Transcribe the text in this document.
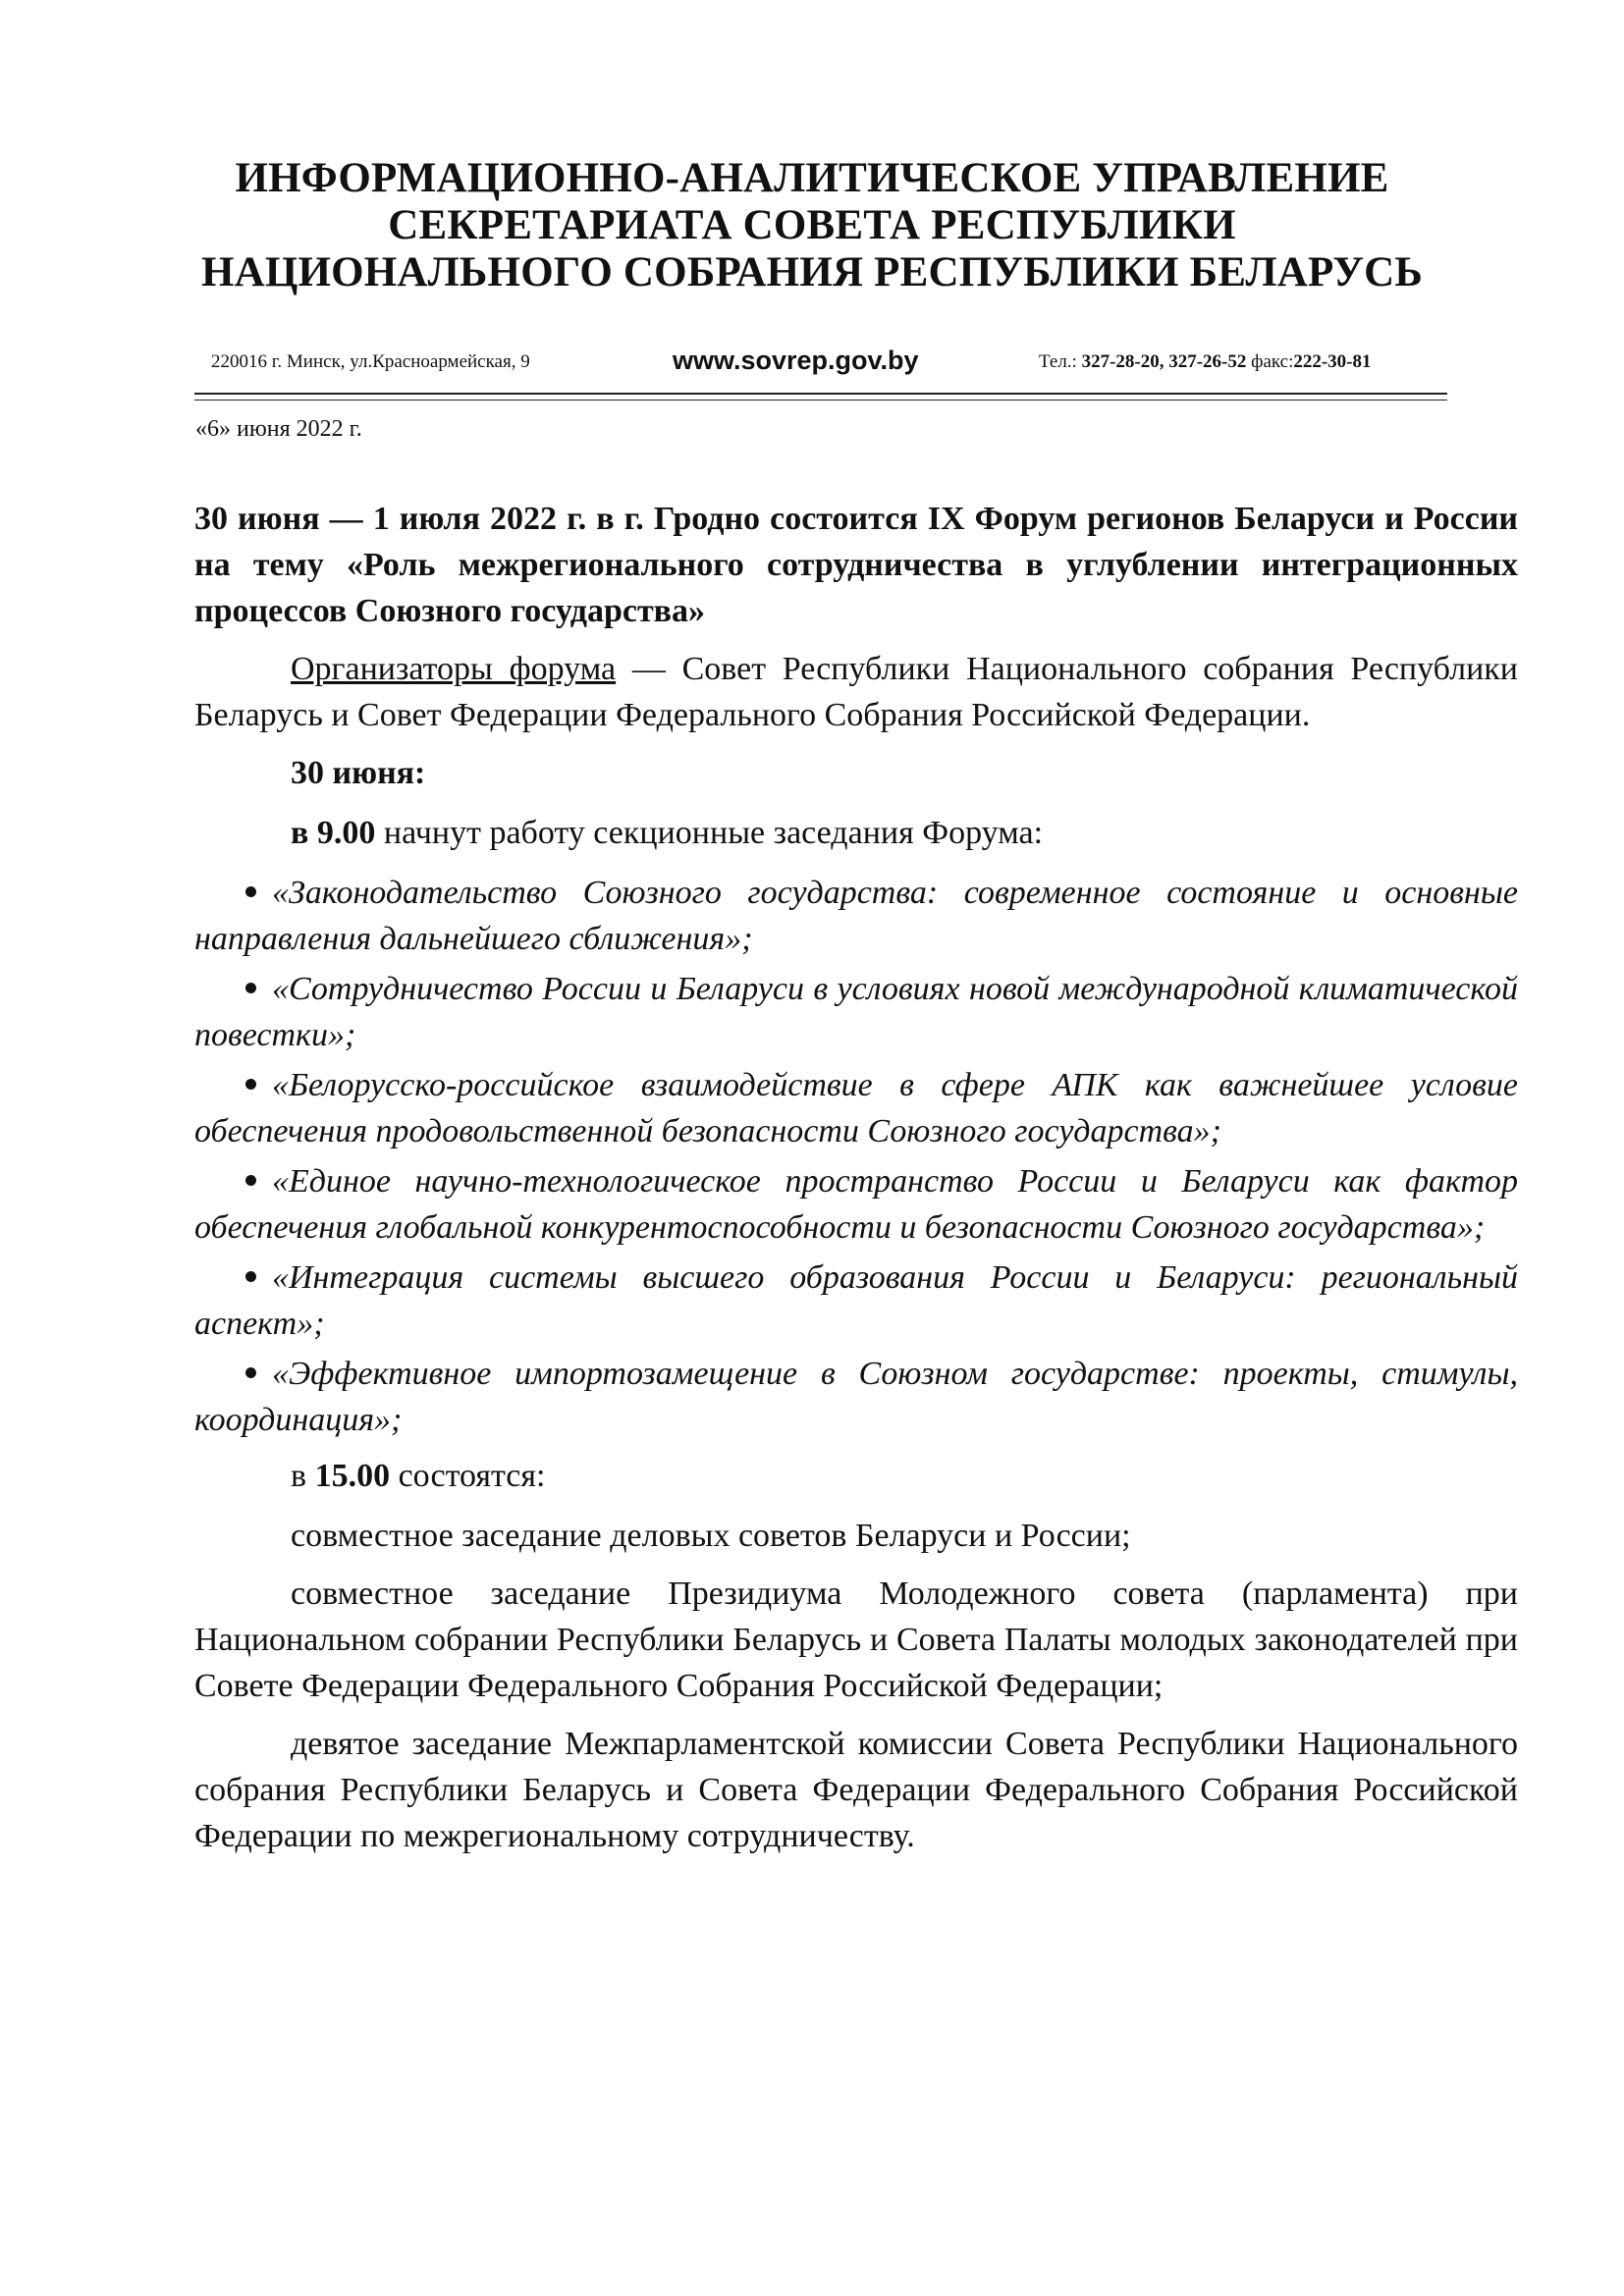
ИНФОРМАЦИОННО-АНАЛИТИЧЕСКОЕ УПРАВЛЕНИЕ
СЕКРЕТАРИАТА СОВЕТА РЕСПУБЛИКИ
НАЦИОНАЛЬНОГО СОБРАНИЯ РЕСПУБЛИКИ БЕЛАРУСЬ
220016 г. Минск, ул.Красноармейская, 9	www.sovrep.gov.by	Тел.: 327-28-20, 327-26-52 факс:222-30-81
«6» июня 2022 г.

30 июня — 1 июля 2022 г. в г. Гродно состоится IX Форум регионов Беларуси и России на тему «Роль межрегионального сотрудничества в углублении интеграционных процессов Союзного государства»

Организаторы форума — Совет Республики Национального собрания Республики Беларусь и Совет Федерации Федерального Собрания Российской Федерации.

30 июня:

в 9.00 начнут работу секционные заседания Форума:

«Законодательство Союзного государства: современное состояние и основные направления дальнейшего сближения»;
«Сотрудничество России и Беларуси в условиях новой международной климатической повестки»;
«Белорусско-российское взаимодействие в сфере АПК как важнейшее условие обеспечения продовольственной безопасности Союзного государства»;
«Единое научно-технологическое пространство России и Беларуси как фактор обеспечения глобальной конкурентоспособности и безопасности Союзного государства»;
«Интеграция системы высшего образования России и Беларуси: региональный аспект»;
«Эффективное импортозамещение в Союзном государстве: проекты, стимулы, координация»;

в 15.00 состоятся:

совместное заседание деловых советов Беларуси и России;

совместное заседание Президиума Молодежного совета (парламента) при Национальном собрании Республики Беларусь и Совета Палаты молодых законодателей при Совете Федерации Федерального Собрания Российской Федерации;

девятое заседание Межпарламентской комиссии Совета Республики Национального собрания Республики Беларусь и Совета Федерации Федерального Собрания Российской Федерации по межрегиональному сотрудничеству.
